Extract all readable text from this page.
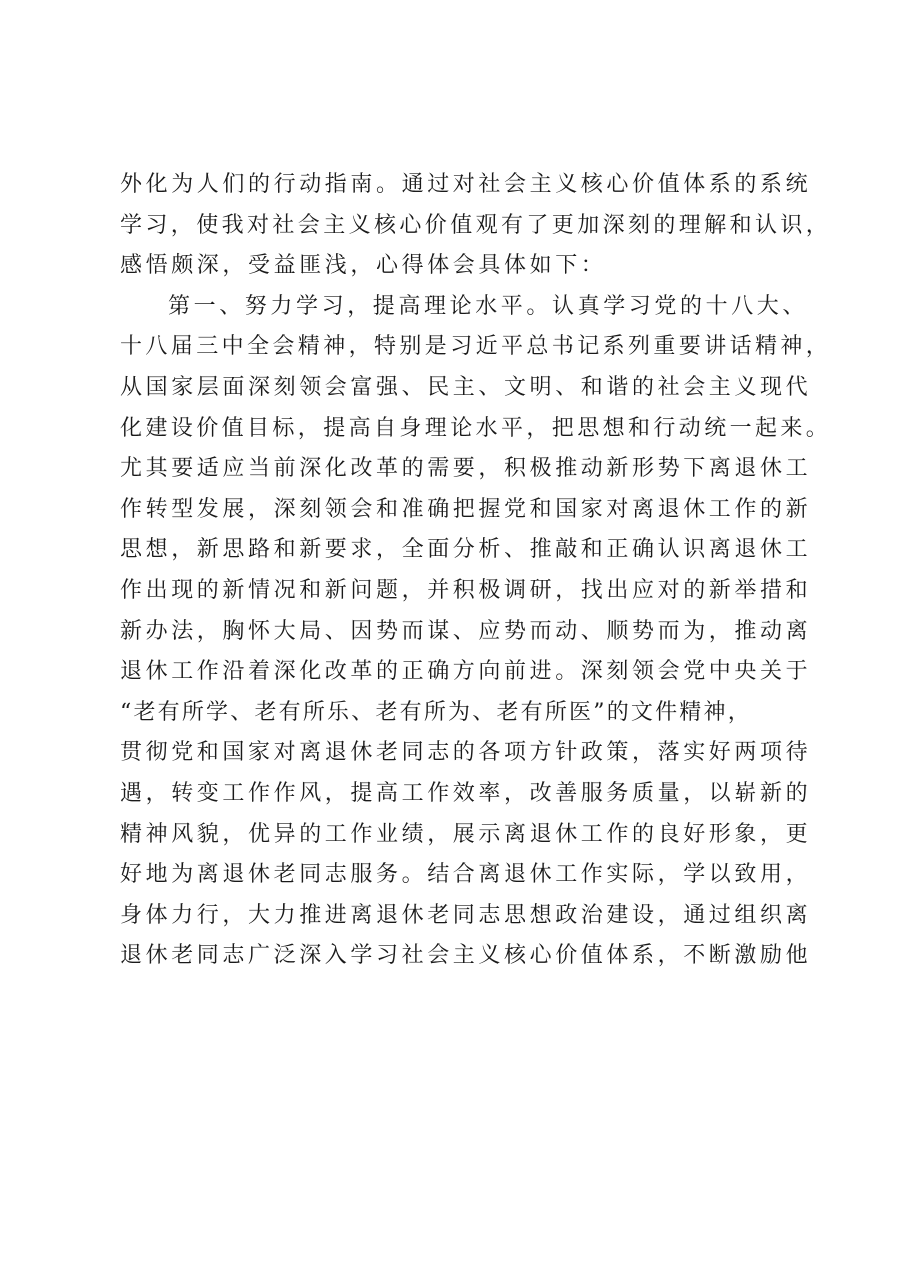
外化为人们的行动指南。通过对社会主义核心价值体系的系统
学习，使我对社会主义核心价值观有了更加深刻的理解和认识，
感悟颇深，受益匪浅，心得体会具体如下：
第一、努力学习，提高理论水平。认真学习党的十八大、
十八届三中全会精神，特别是习近平总书记系列重要讲话精神，
从国家层面深刻领会富强、民主、文明、和谐的社会主义现代
化建设价值目标，提高自身理论水平，把思想和行动统一起来。
尤其要适应当前深化改革的需要，积极推动新形势下离退休工
作转型发展，深刻领会和准确把握党和国家对离退休工作的新
思想，新思路和新要求，全面分析、推敲和正确认识离退休工
作出现的新情况和新问题，并积极调研，找出应对的新举措和
新办法，胸怀大局、因势而谋、应势而动、顺势而为，推动离
退休工作沿着深化改革的正确方向前进。深刻领会党中央关于
“老有所学、老有所乐、老有所为、老有所医”的文件精神，
贯彻党和国家对离退休老同志的各项方针政策，落实好两项待
遇，转变工作作风，提高工作效率，改善服务质量，以崭新的
精神风貌，优异的工作业绩，展示离退休工作的良好形象，更
好地为离退休老同志服务。结合离退休工作实际，学以致用，
身体力行，大力推进离退休老同志思想政治建设，通过组织离
退休老同志广泛深入学习社会主义核心价值体系，不断激励他
